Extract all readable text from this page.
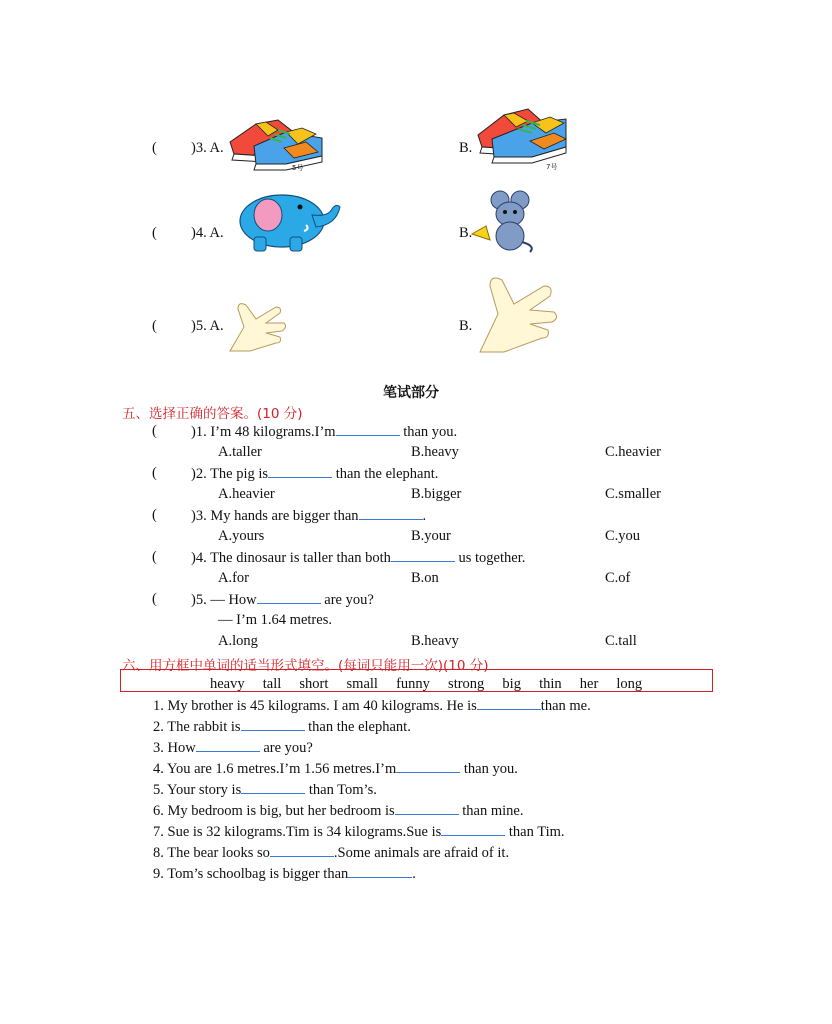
( )3. A.	B.
5号	7号
( )4. A.	B.
( )5. A.	B.
笔试部分
五、选择正确的答案。(10 分)
( )1. I’m 48 kilograms.I’m	than you.
A.taller	B.heavy	C.heavier
( )2. The pig is	than the elephant.
A.heavier	B.bigger	C.smaller
( )3. My hands are bigger than	.
A.yours	B.your	C.you
( )4. The dinosaur is taller than both	us together.
A.for	B.on	C.of
( )5. — How	are you?
— I’m 1.64 metres.
A.long	B.heavy	C.tall
六、用方框中单词的适当形式填空。(每词只能用一次)(10 分)
heavy tall short small funny strong big thin her long
1. My brother is 45 kilograms. I am 40 kilograms. He is	than me.
2. The rabbit is	than the elephant.
3. How	are you?
4. You are 1.6 metres.I’m 1.56 metres.I’m	than you.
5. Your story is	than Tom’s.
6. My bedroom is big, but her bedroom is	than mine.
7. Sue is 32 kilograms.Tim is 34 kilograms.Sue is	than Tim.
8. The bear looks so	.Some animals are afraid of it.
9. Tom’s schoolbag is bigger than	.
